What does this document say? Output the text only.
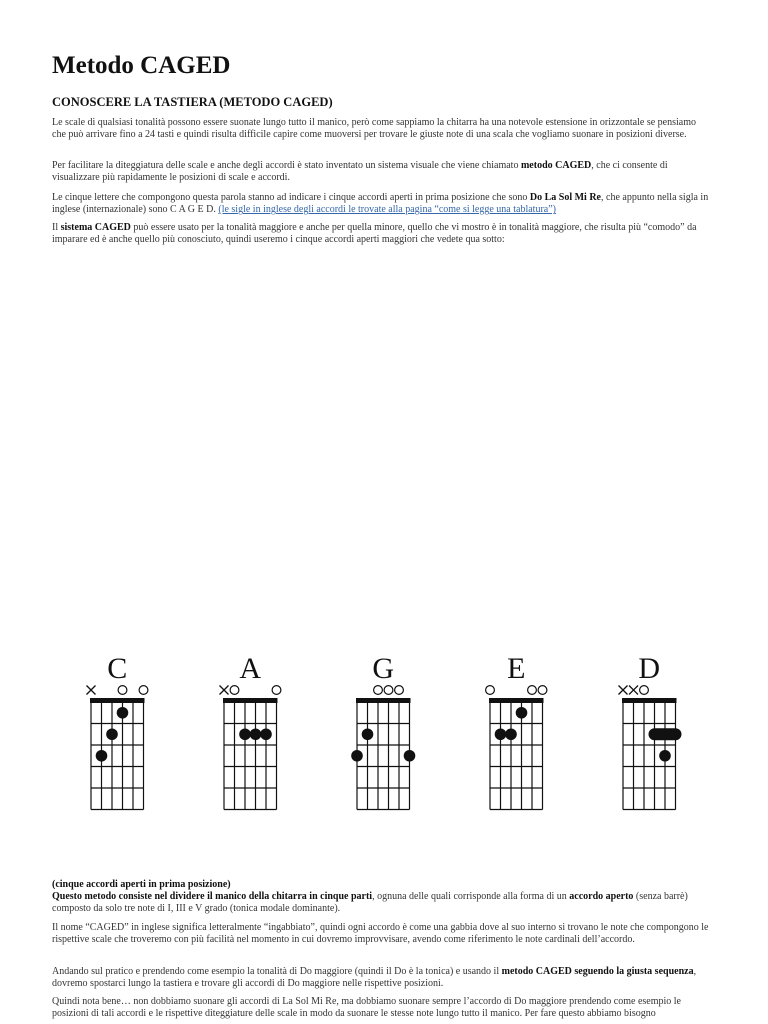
Metodo CAGED
CONOSCERE LA TASTIERA (METODO CAGED)

Le scale di qualsiasi tonalità possono essere suonate lungo tutto il manico, però come sappiamo la chitarra ha una notevole estensione in orizzontale se pensiamo che può arrivare fino a 24 tasti e quindi risulta difficile capire come muoversi per trovare le giuste note di una scala che vogliamo suonare in posizioni diverse.

Per facilitare la diteggiatura delle scale e anche degli accordi è stato inventato un sistema visuale che viene chiamato metodo CAGED, che ci consente di visualizzare più rapidamente le posizioni di scale e accordi.

Le cinque lettere che compongono questa parola stanno ad indicare i cinque accordi aperti in prima posizione che sono Do La Sol Mi Re, che appunto nella sigla in inglese (internazionale) sono C A G E D. (le sigle in inglese degli accordi le trovate alla pagina “come si legge una tablatura”)

Il sistema CAGED può essere usato per la tonalità maggiore e anche per quella minore, quello che vi mostro è in tonalità maggiore, che risulta più “comodo” da imparare ed è anche quello più conosciuto, quindi useremo i cinque accordi aperti maggiori che vedete qua sotto:

C	A	G	E	D

(cinque accordi aperti in prima posizione)
Questo metodo consiste nel dividere il manico della chitarra in cinque parti, ognuna delle quali corrisponde alla forma di un accordo aperto (senza barrè) composto da solo tre note di I, III e V grado (tonica modale dominante).

Il nome “CAGED” in inglese significa letteralmente “ingabbiato”, quindi ogni accordo è come una gabbia dove al suo interno si trovano le note che compongono le rispettive scale che troveremo con più facilità nel momento in cui dovremo improvvisare, avendo come riferimento le note cardinali dell’accordo.

Andando sul pratico e prendendo come esempio la tonalità di Do maggiore (quindi il Do è la tonica) e usando il metodo CAGED seguendo la giusta sequenza, dovremo spostarci lungo la tastiera e trovare gli accordi di Do maggiore nelle rispettive posizioni.

Quindi nota bene… non dobbiamo suonare gli accordi di La Sol Mi Re, ma dobbiamo suonare sempre l’accordo di Do maggiore prendendo come esempio le posizioni di tali accordi e le rispettive diteggiature delle scale in modo da suonare le stesse note lungo tutto il manico. Per fare questo abbiamo bisogno
